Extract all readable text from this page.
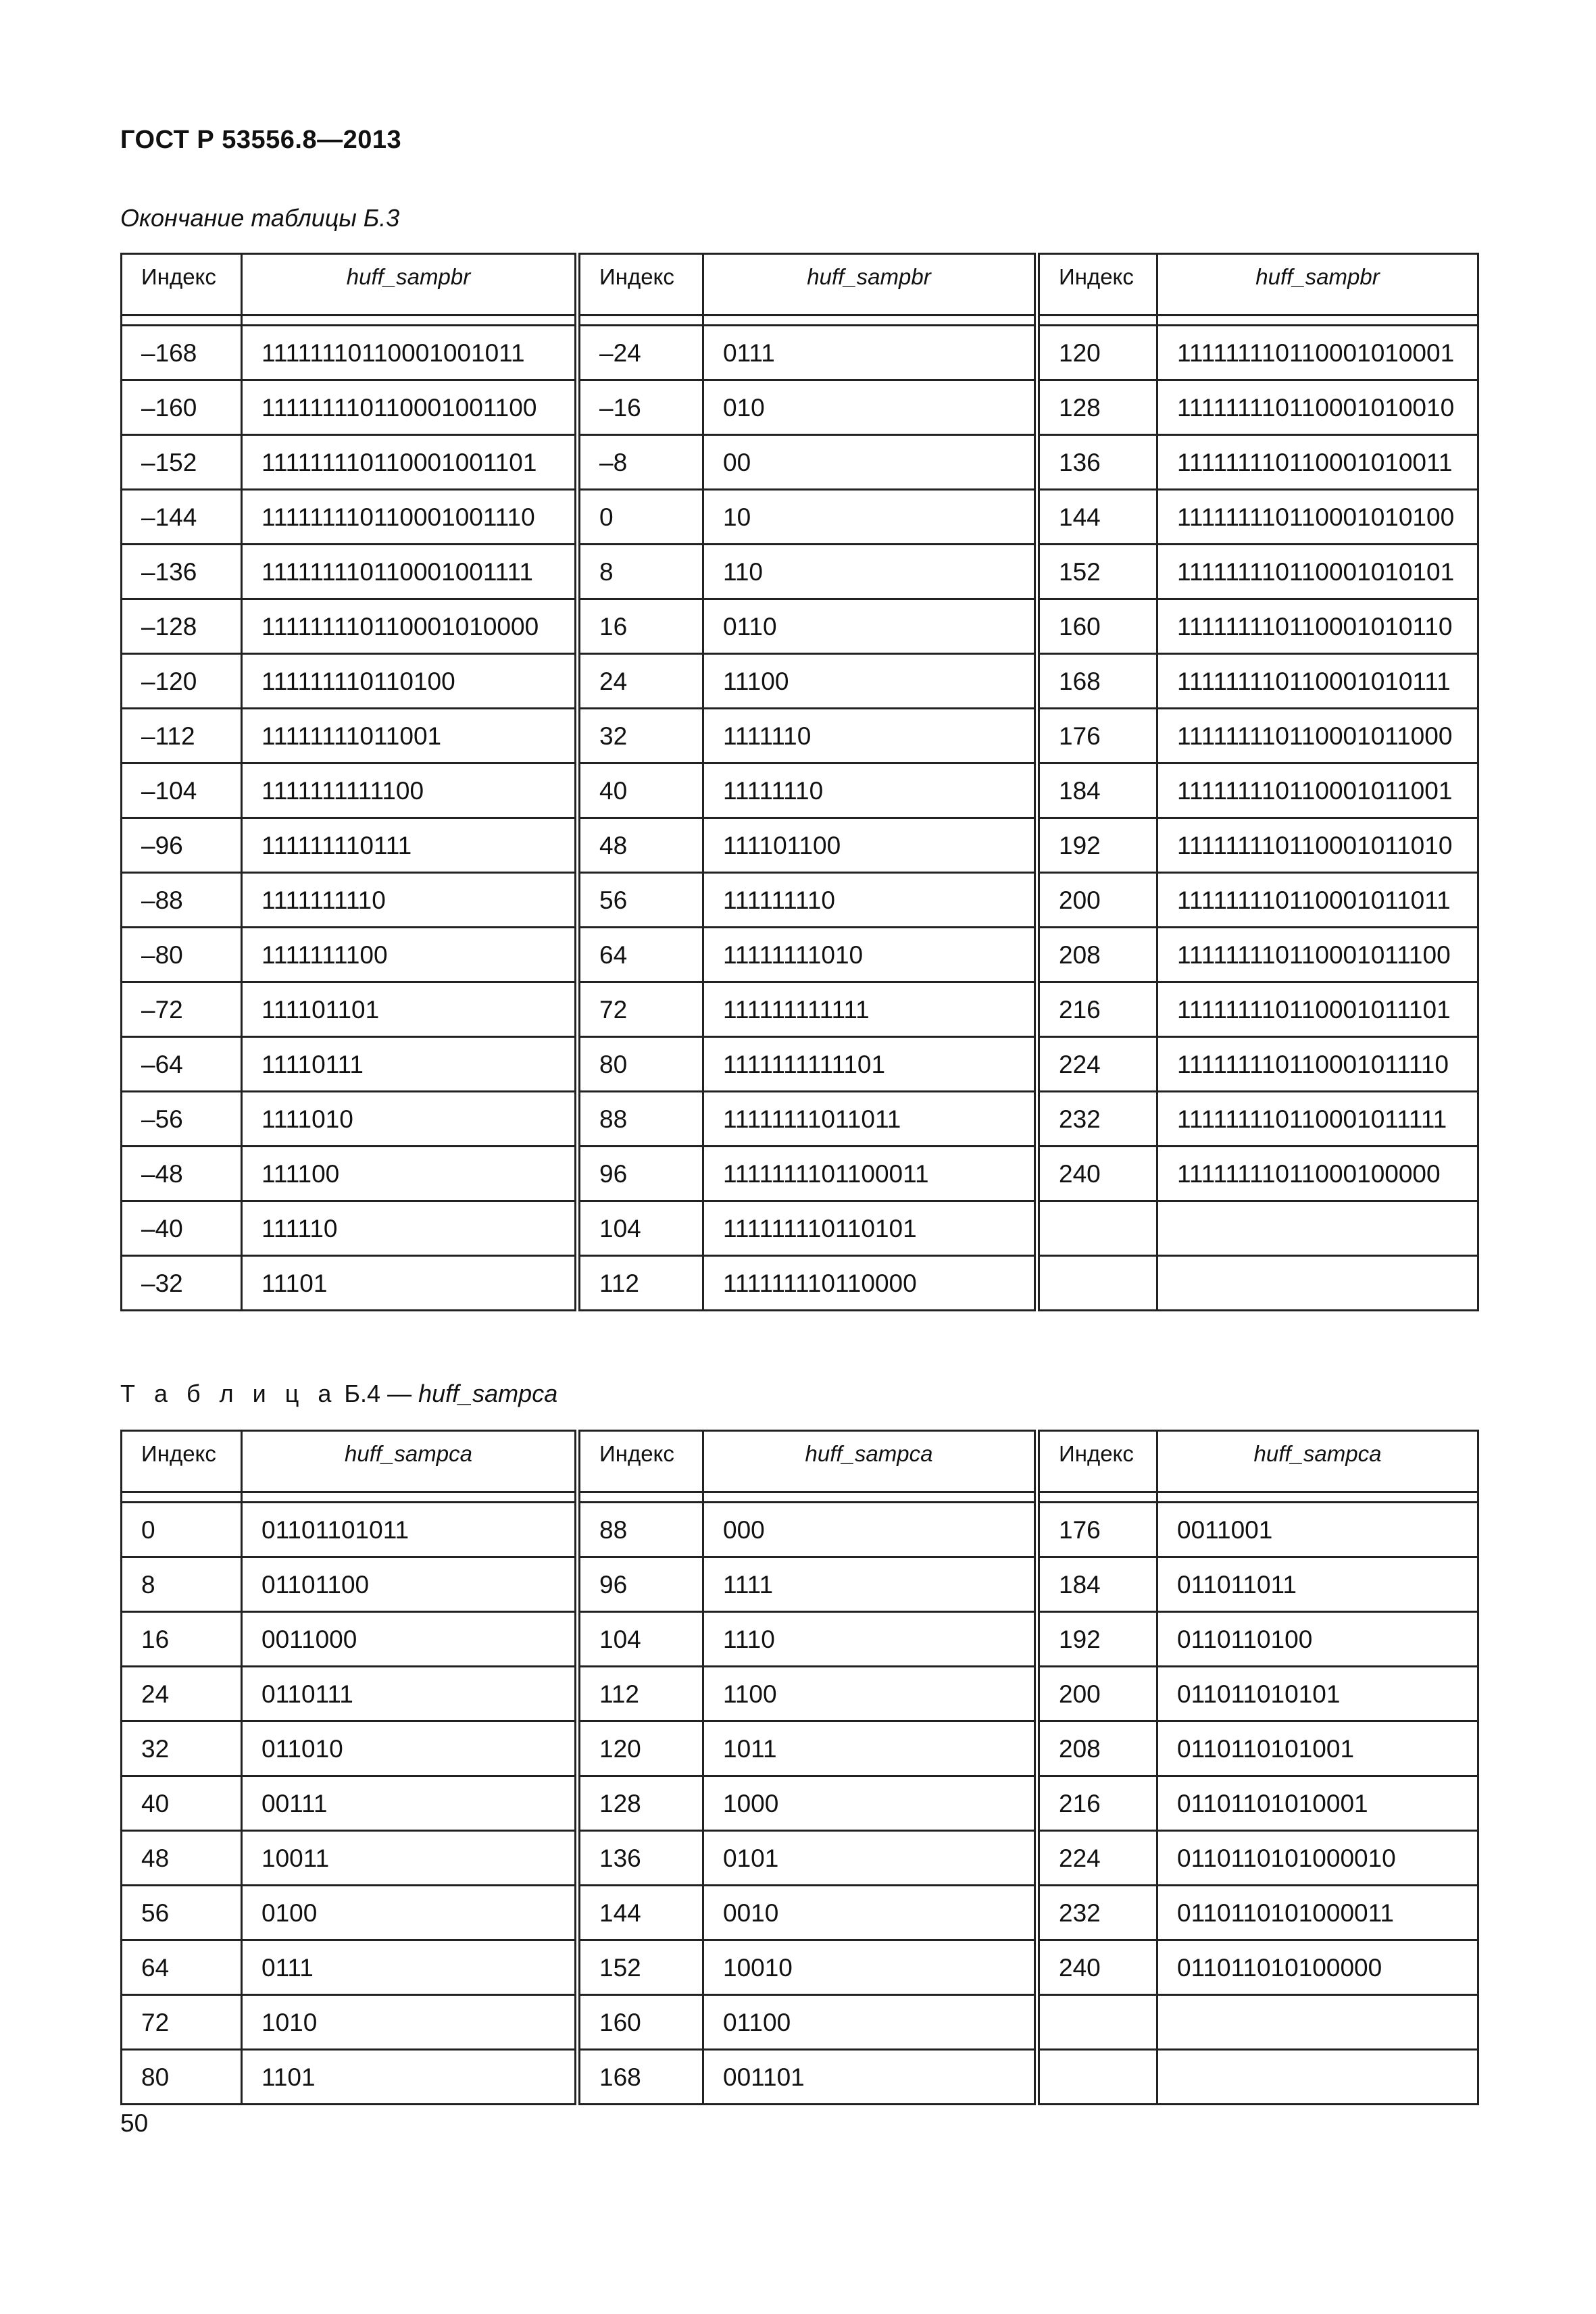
ГОСТ Р 53556.8—2013
Окончание таблицы Б.3
Индекс	huff_sampbr	Индекс	huff_sampbr	Индекс	huff_sampbr

–168	11111110110001001011	–24	0111	120	111111110110001010001
–160	111111110110001001100	–16	010	128	111111110110001010010
–152	111111110110001001101	–8	00	136	111111110110001010011
–144	111111110110001001110	0	10	144	111111110110001010100
–136	111111110110001001111	8	110	152	111111110110001010101
–128	111111110110001010000	16	0110	160	111111110110001010110
–120	111111110110100	24	11100	168	111111110110001010111
–112	11111111011001	32	1111110	176	111111110110001011000
–104	1111111111100	40	11111110	184	111111110110001011001
–96	111111110111	48	111101100	192	111111110110001011010
–88	1111111110	56	111111110	200	111111110110001011011
–80	1111111100	64	11111111010	208	111111110110001011100
–72	111101101	72	111111111111	216	111111110110001011101
–64	11110111	80	1111111111101	224	111111110110001011110
–56	1111010	88	11111111011011	232	111111110110001011111
–48	111100	96	1111111101100011	240	11111111011000100000
–40	111110	104	111111110110101		
–32	11101	112	111111110110000		
Т а б л и ц а Б.4 — huff_sampca
Индекс	huff_sampca	Индекс	huff_sampca	Индекс	huff_sampca

0	01101101011	88	000	176	0011001
8	01101100	96	1111	184	011011011
16	0011000	104	1110	192	0110110100
24	0110111	112	1100	200	011011010101
32	011010	120	1011	208	0110110101001
40	00111	128	1000	216	01101101010001
48	10011	136	0101	224	0110110101000010
56	0100	144	0010	232	0110110101000011
64	0111	152	10010	240	011011010100000
72	1010	160	01100		
80	1101	168	001101		
50
